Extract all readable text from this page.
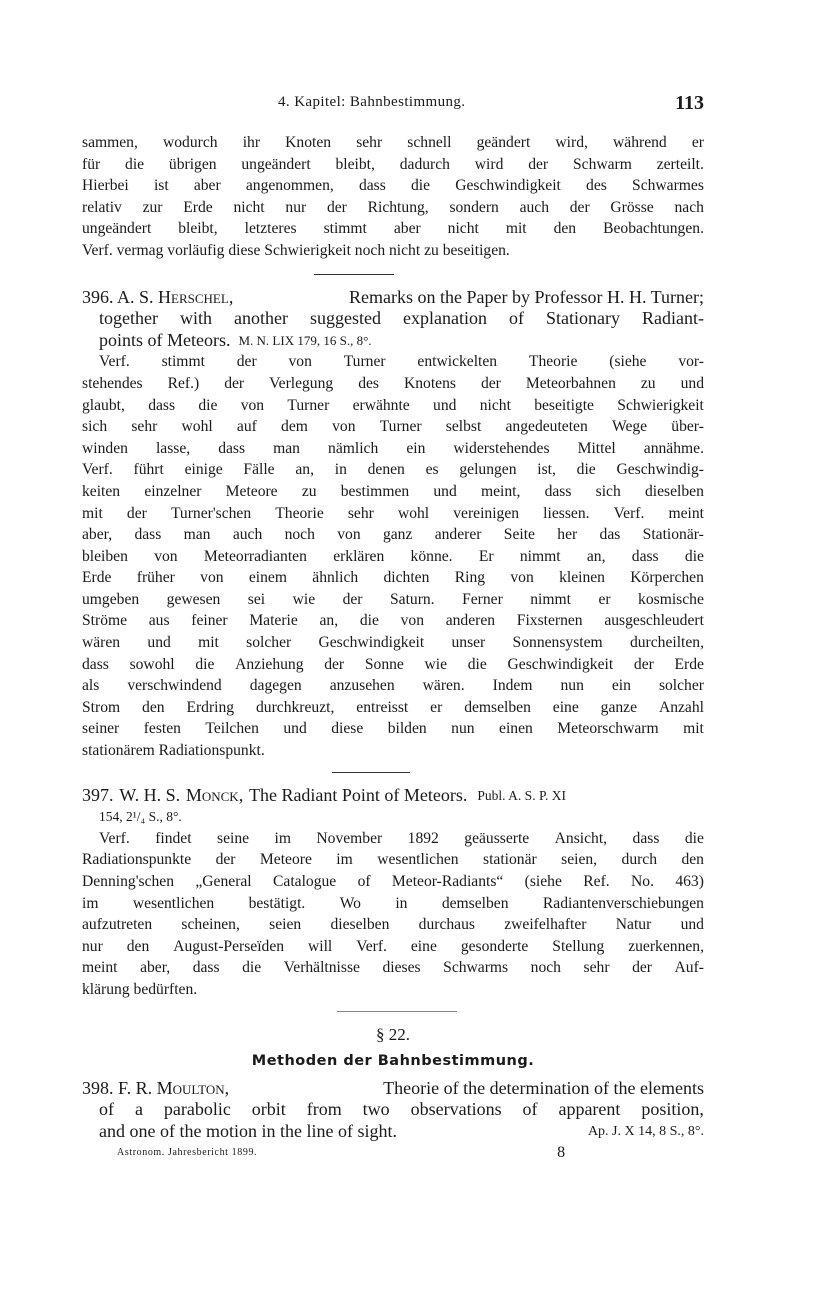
4. Kapitel: Bahnbestimmung.	113
sammen, wodurch ihr Knoten sehr schnell geändert wird, während er
für die übrigen ungeändert bleibt, dadurch wird der Schwarm zerteilt.
Hierbei ist aber angenommen, dass die Geschwindigkeit des Schwarmes
relativ zur Erde nicht nur der Richtung, sondern auch der Grösse nach
ungeändert bleibt, letzteres stimmt aber nicht mit den Beobachtungen.
Verf. vermag vorläufig diese Schwierigkeit noch nicht zu beseitigen.
396. A. S. Herschel,	Remarks on the Paper by Professor H. H. Turner;
together with another suggested explanation of Stationary Radiant-
points of Meteors. M. N. LIX 179, 16 S., 8°.
Verf. stimmt der von Turner entwickelten Theorie (siehe vor-
stehendes Ref.) der Verlegung des Knotens der Meteorbahnen zu und
glaubt, dass die von Turner erwähnte und nicht beseitigte Schwierigkeit
sich sehr wohl auf dem von Turner selbst angedeuteten Wege über-
winden lasse, dass man nämlich ein widerstehendes Mittel annähme.
Verf. führt einige Fälle an, in denen es gelungen ist, die Geschwindig-
keiten einzelner Meteore zu bestimmen und meint, dass sich dieselben
mit der Turner'schen Theorie sehr wohl vereinigen liessen. Verf. meint
aber, dass man auch noch von ganz anderer Seite her das Stationär-
bleiben von Meteorradianten erklären könne. Er nimmt an, dass die
Erde früher von einem ähnlich dichten Ring von kleinen Körperchen
umgeben gewesen sei wie der Saturn. Ferner nimmt er kosmische
Ströme aus feiner Materie an, die von anderen Fixsternen ausgeschleudert
wären und mit solcher Geschwindigkeit unser Sonnensystem durcheilten,
dass sowohl die Anziehung der Sonne wie die Geschwindigkeit der Erde
als verschwindend dagegen anzusehen wären. Indem nun ein solcher
Strom den Erdring durchkreuzt, entreisst er demselben eine ganze Anzahl
seiner festen Teilchen und diese bilden nun einen Meteorschwarm mit
stationärem Radiationspunkt.
397. W. H. S. Monck, The Radiant Point of Meteors. Publ. A. S. P. XI
154, 2¹/₄ S., 8°.
Verf. findet seine im November 1892 geäusserte Ansicht, dass die
Radiationspunkte der Meteore im wesentlichen stationär seien, durch den
Denning'schen „General Catalogue of Meteor-Radiants“ (siehe Ref. No. 463)
im wesentlichen bestätigt. Wo in demselben Radiantenverschiebungen
aufzutreten scheinen, seien dieselben durchaus zweifelhafter Natur und
nur den August-Perseïden will Verf. eine gesonderte Stellung zuerkennen,
meint aber, dass die Verhältnisse dieses Schwarms noch sehr der Auf-
klärung bedürften.
§ 22.
Methoden der Bahnbestimmung.
398. F. R. Moulton,	Theorie of the determination of the elements
of a parabolic orbit from two observations of apparent position,
and one of the motion in the line of sight.	Ap. J. X 14, 8 S., 8°.
Astronom. Jahresbericht 1899.	8
